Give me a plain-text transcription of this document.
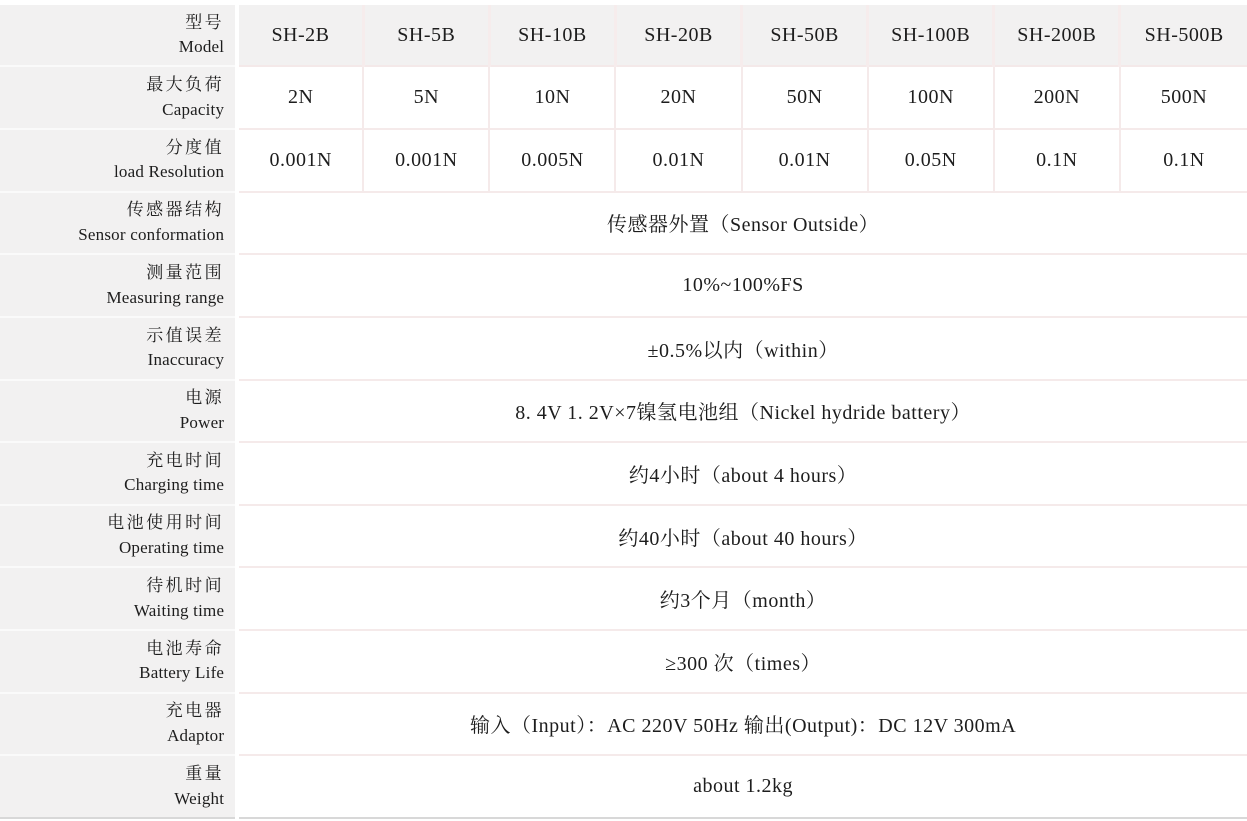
型号
Model	SH-2B	SH-5B	SH-10B	SH-20B	SH-50B	SH-100B	SH-200B	SH-500B

最大负荷
Capacity	2N	5N	10N	20N	50N	100N	200N	500N

分度值
load Resolution	0.001N	0.001N	0.005N	0.01N	0.01N	0.05N	0.1N	0.1N

传感器结构
Sensor conformation	传感器外置（Sensor Outside）							

测量范围
Measuring range	10%~100%FS							

示值误差
Inaccuracy	±0.5%以内（within）							

电源
Power	8. 4V 1. 2V×7镍氢电池组（Nickel hydride battery）							

充电时间
Charging time	约4小时（about 4 hours）							

电池使用时间
Operating time	约40小时（about 40 hours）							

待机时间
Waiting time	约3个月（month）							

电池寿命
Battery Life	≥300 次（times）							

充电器
Adaptor	输入（Input）：AC 220V 50Hz 输出(Output)：DC 12V 300mA							

重量
Weight	about 1.2kg							
